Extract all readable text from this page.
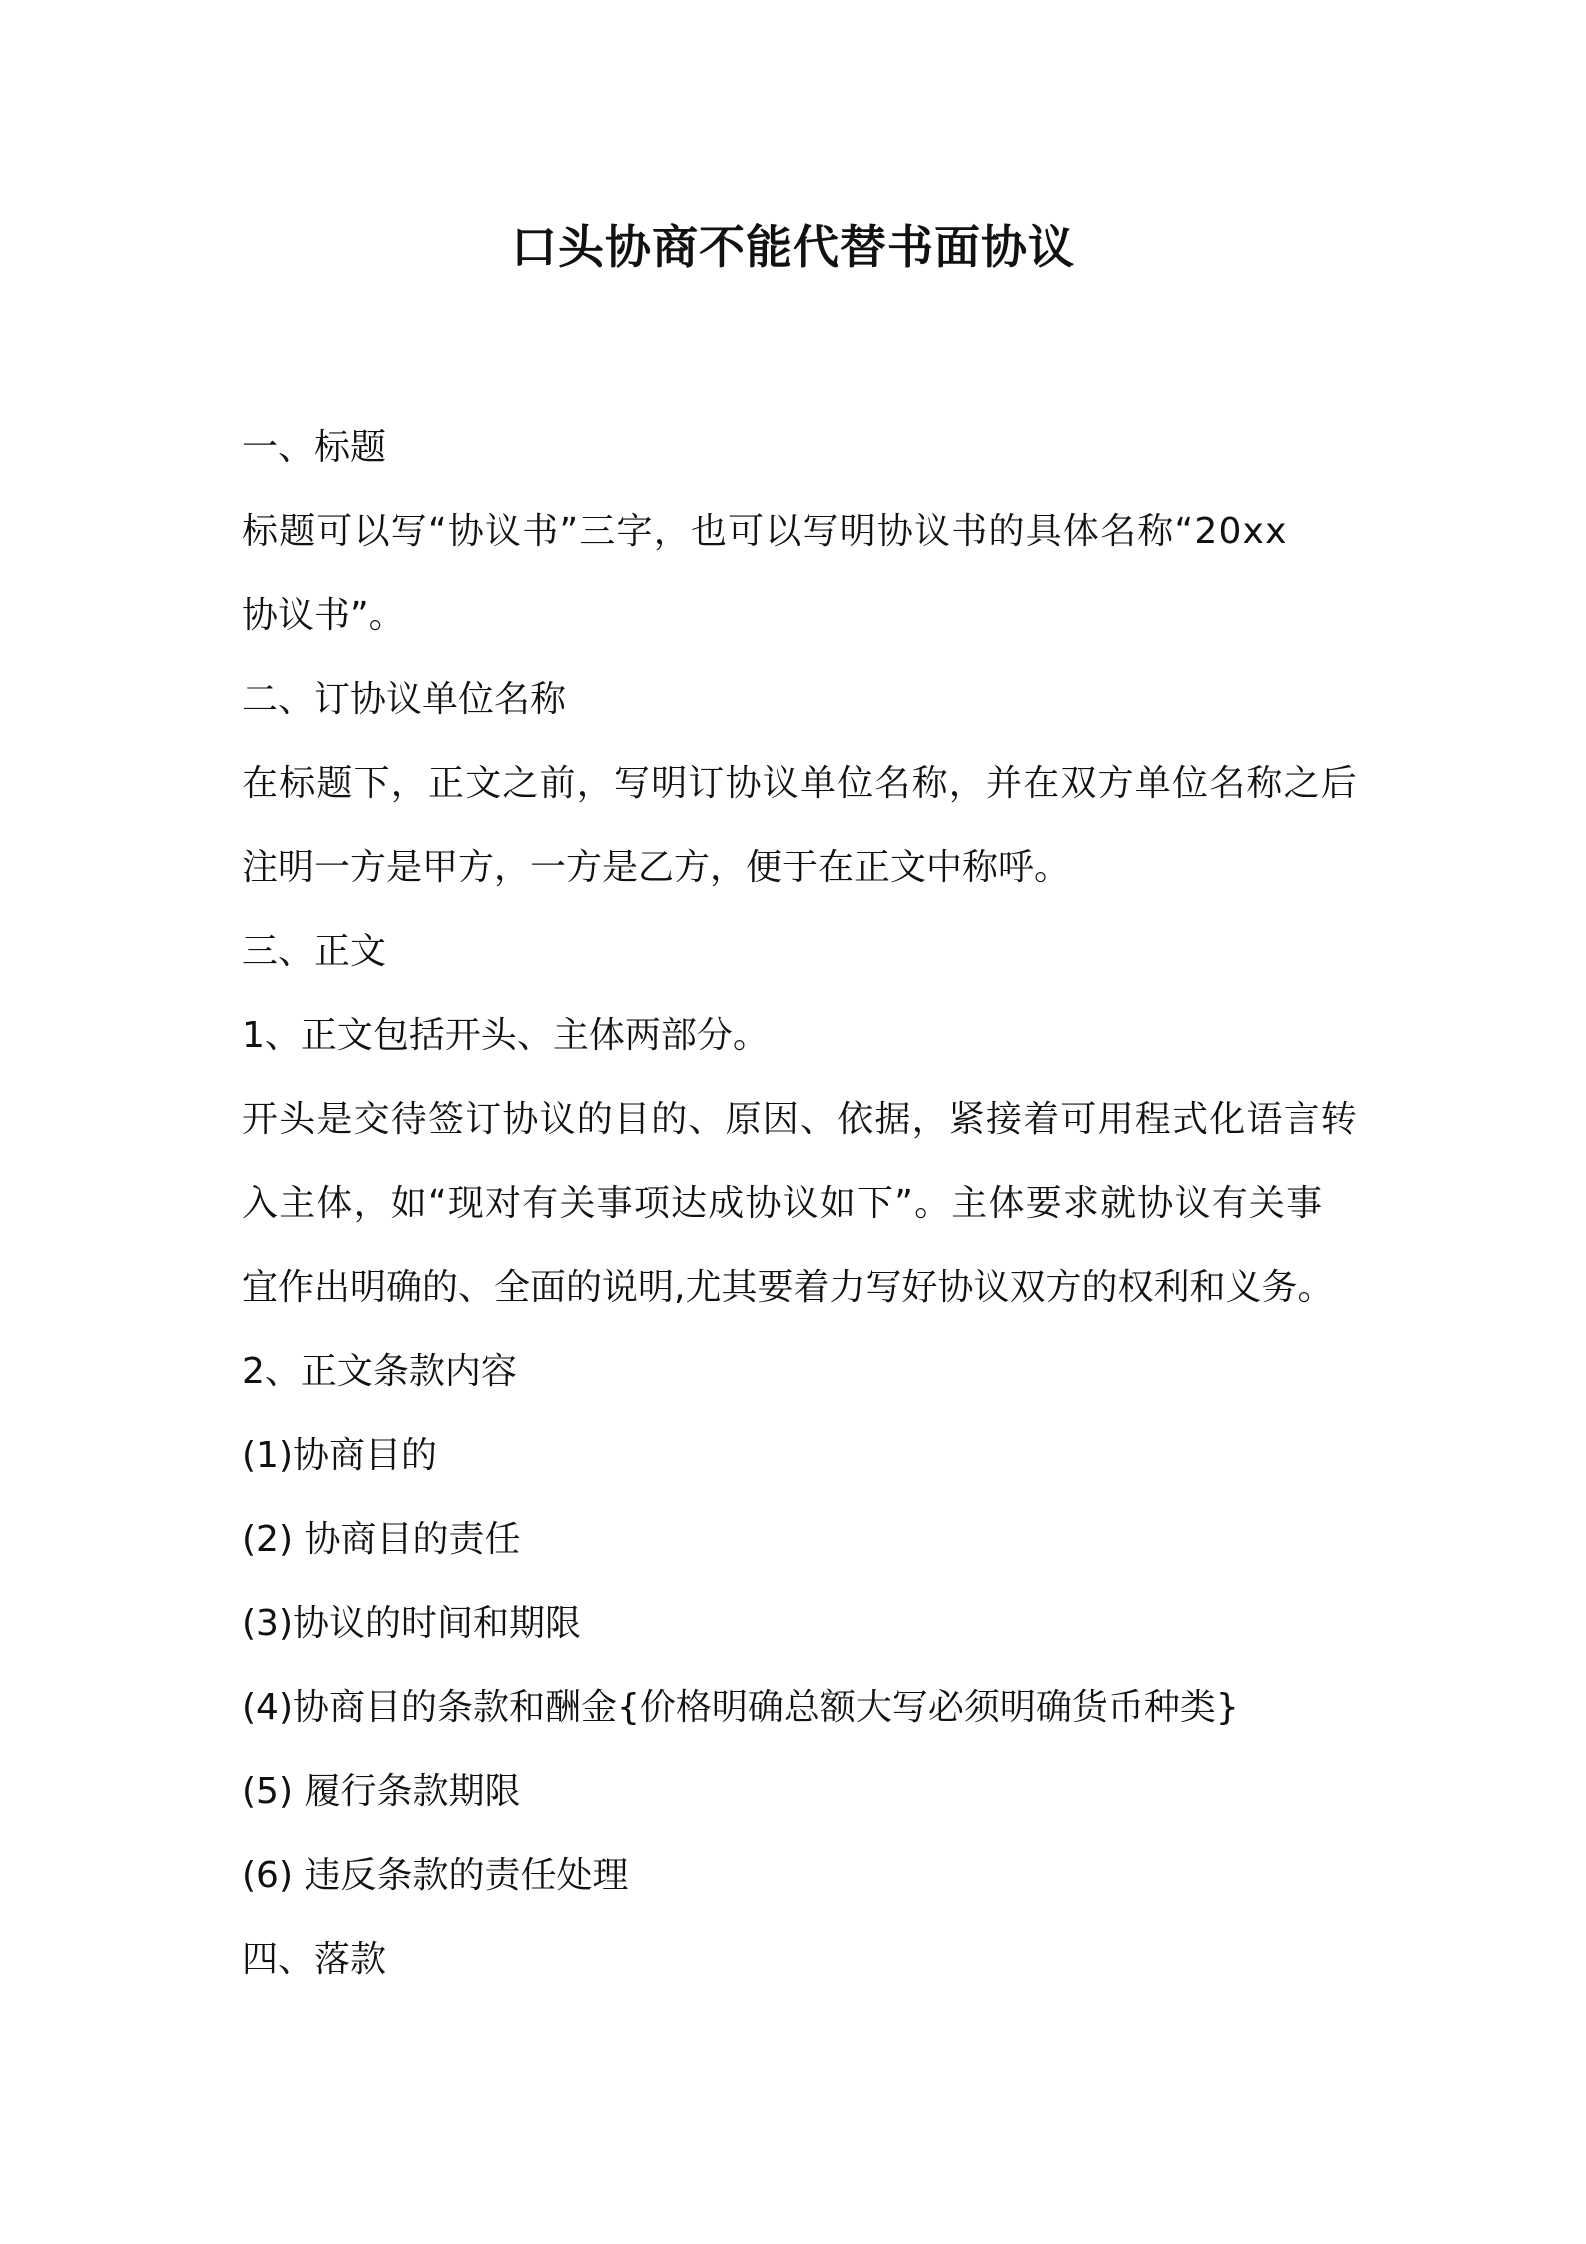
口头协商不能代替书面协议

一、标题

标题可以写“协议书”三字，也可以写明协议书的具体名称“20xx

协议书”。

二、订协议单位名称

在标题下，正文之前，写明订协议单位名称，并在双方单位名称之后

注明一方是甲方，一方是乙方，便于在正文中称呼。

三、正文

1、正文包括开头、主体两部分。

开头是交待签订协议的目的、原因、依据，紧接着可用程式化语言转

入主体，如“现对有关事项达成协议如下”。主体要求就协议有关事

宜作出明确的、全面的说明,尤其要着力写好协议双方的权利和义务。

2、正文条款内容

(1)协商目的

(2) 协商目的责任

(3)协议的时间和期限

(4)协商目的条款和酬金{价格明确总额大写必须明确货币种类}

(5) 履行条款期限

(6) 违反条款的责任处理

四、落款
